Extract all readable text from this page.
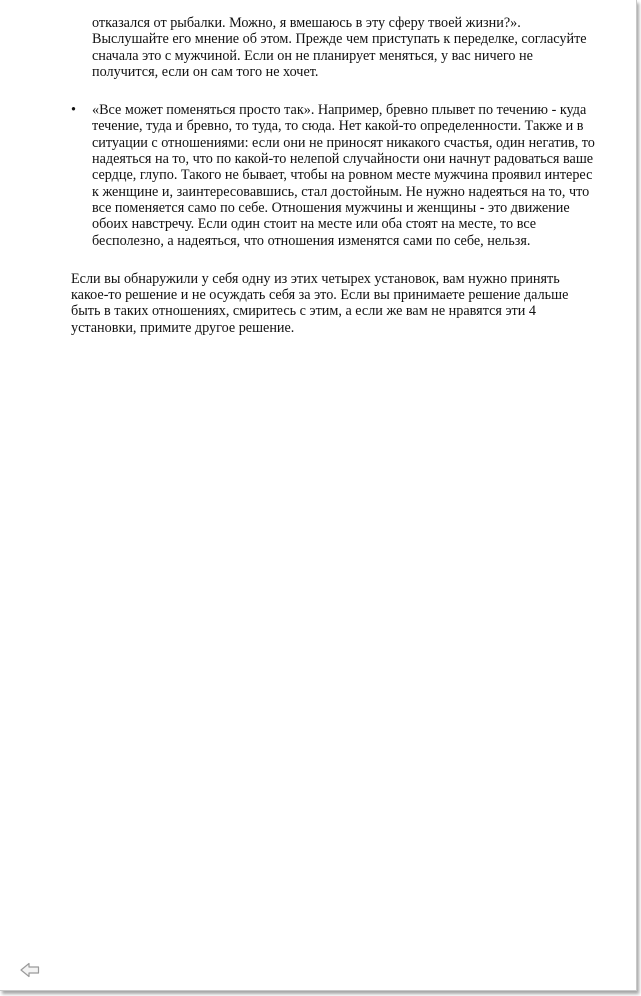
отказался от рыбалки. Можно, я вмешаюсь в эту сферу твоей жизни?».
Выслушайте его мнение об этом. Прежде чем приступать к переделке, согласуйте
сначала это с мужчиной. Если он не планирует меняться, у вас ничего не
получится, если он сам того не хочет.
•	«Все может поменяться просто так». Например, бревно плывет по течению - куда
течение, туда и бревно, то туда, то сюда. Нет какой-то определенности. Также и в
ситуации с отношениями: если они не приносят никакого счастья, один негатив, то
надеяться на то, что по какой-то нелепой случайности они начнут радоваться ваше
сердце, глупо. Такого не бывает, чтобы на ровном месте мужчина проявил интерес
к женщине и, заинтересовавшись, стал достойным. Не нужно надеяться на то, что
все поменяется само по себе. Отношения мужчины и женщины - это движение
обоих навстречу. Если один стоит на месте или оба стоят на месте, то все
бесполезно, а надеяться, что отношения изменятся сами по себе, нельзя.
Если вы обнаружили у себя одну из этих четырех установок, вам нужно принять
какое-то решение и не осуждать себя за это. Если вы принимаете решение дальше
быть в таких отношениях, смиритесь с этим, а если же вам не нравятся эти 4
установки, примите другое решение.
